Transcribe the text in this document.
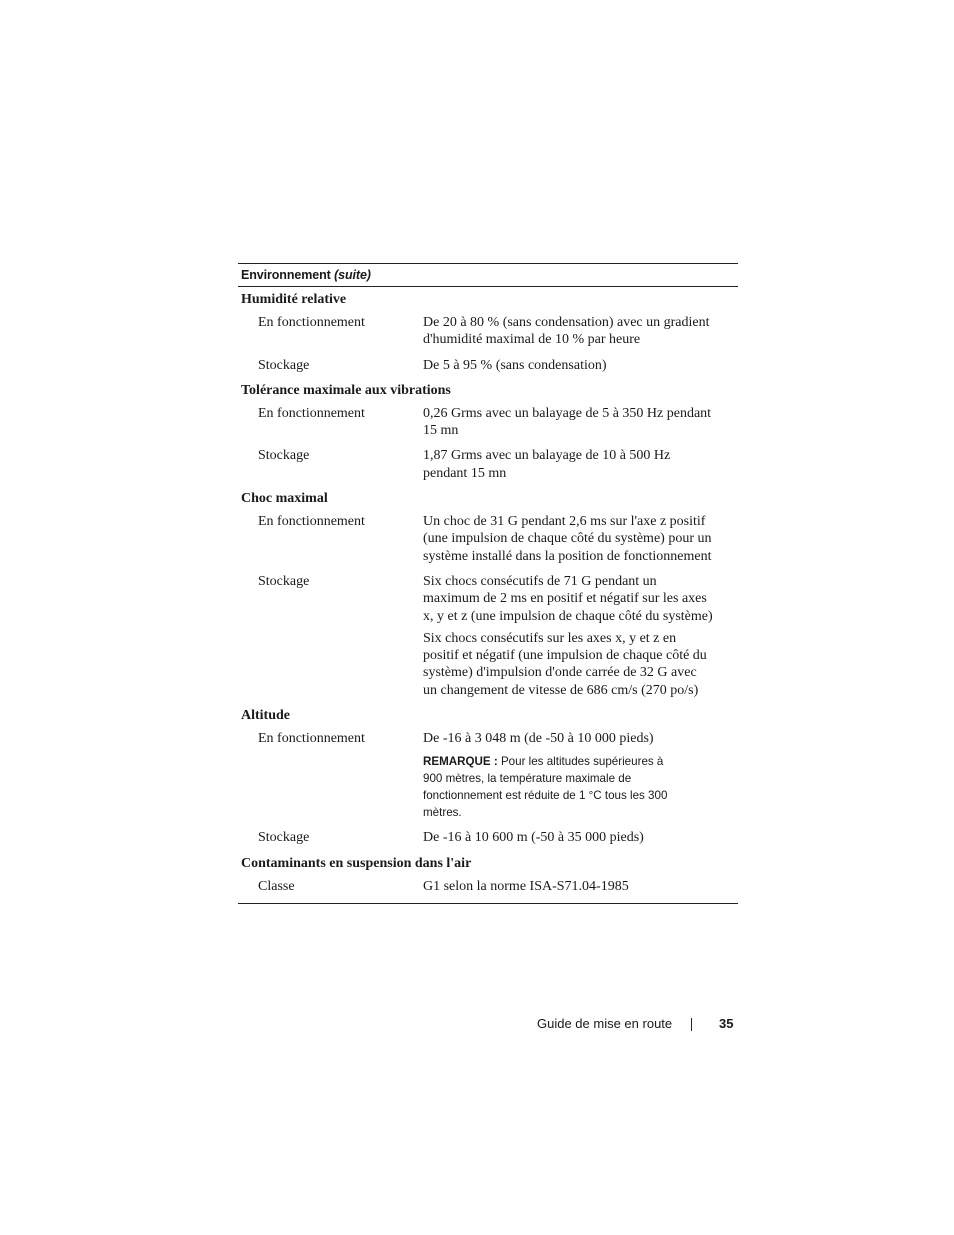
Environnement (suite)
Humidité relative
En fonctionnement	De 20 à 80 % (sans condensation) avec un gradient d'humidité maximal de 10 % par heure
Stockage	De 5 à 95 % (sans condensation)
Tolérance maximale aux vibrations
En fonctionnement	0,26 Grms avec un balayage de 5 à 350 Hz pendant 15 mn
Stockage	1,87 Grms avec un balayage de 10 à 500 Hz pendant 15 mn
Choc maximal
En fonctionnement	Un choc de 31 G pendant 2,6 ms sur l'axe z positif (une impulsion de chaque côté du système) pour un système installé dans la position de fonctionnement
Stockage	Six chocs consécutifs de 71 G pendant un maximum de 2 ms en positif et négatif sur les axes x, y et z (une impulsion de chaque côté du système)
Six chocs consécutifs sur les axes x, y et z en positif et négatif (une impulsion de chaque côté du système) d'impulsion d'onde carrée de 32 G avec un changement de vitesse de 686 cm/s (270 po/s)
Altitude
En fonctionnement	De -16 à 3 048 m (de -50 à 10 000 pieds)
REMARQUE : Pour les altitudes supérieures à 900 mètres, la température maximale de fonctionnement est réduite de 1 °C tous les 300 mètres.
Stockage	De -16 à 10 600 m (-50 à 35 000 pieds)
Contaminants en suspension dans l'air
Classe	G1 selon la norme ISA-S71.04-1985
Guide de mise en route	35
